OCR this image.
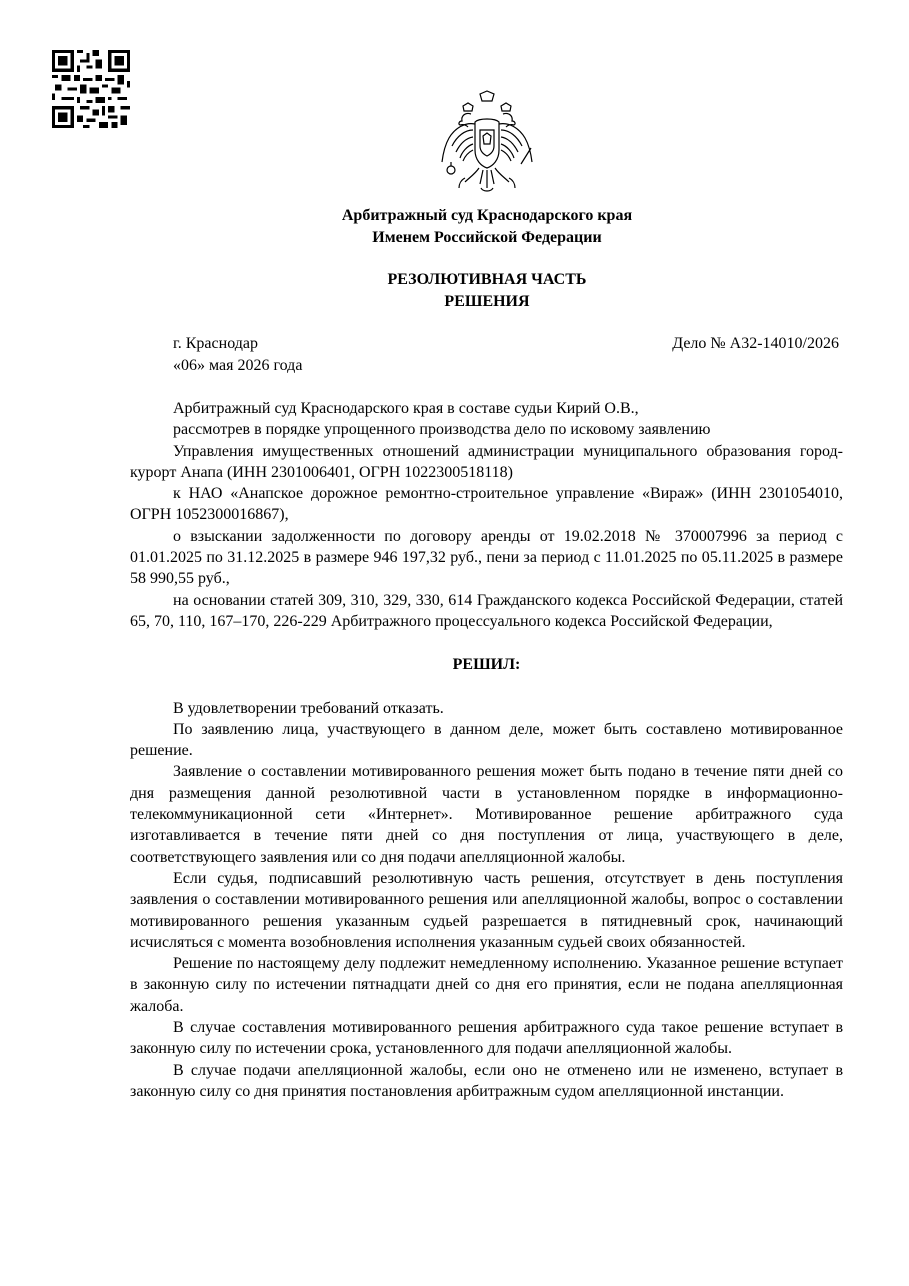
Арбитражный суд Краснодарского края
Именем Российской Федерации
РЕЗОЛЮТИВНАЯ ЧАСТЬ
РЕШЕНИЯ
г. Краснодар
«06» мая 2026 года
Дело № А32-14010/2026

Арбитражный суд Краснодарского края в составе судьи Кирий О.В.,

рассмотрев в порядке упрощенного производства дело по исковому заявлению

Управления имущественных отношений администрации муниципального образования город-курорт Анапа (ИНН 2301006401, ОГРН 1022300518118)

к НАО «Анапское дорожное ремонтно-строительное управление «Вираж» (ИНН 2301054010, ОГРН 1052300016867),

о взыскании задолженности по договору аренды от 19.02.2018 № 370007996 за период с 01.01.2025 по 31.12.2025 в размере 946 197,32 руб., пени за период с 11.01.2025 по 05.11.2025 в размере 58 990,55 руб.,

на основании статей 309, 310, 329, 330, 614 Гражданского кодекса Российской Федерации, статей 65, 70, 110, 167–170, 226-229 Арбитражного процессуального кодекса Российской Федерации,

РЕШИЛ:

В удовлетворении требований отказать.

По заявлению лица, участвующего в данном деле, может быть составлено мотивированное решение.

Заявление о составлении мотивированного решения может быть подано в течение пяти дней со дня размещения данной резолютивной части в установленном порядке в информационно-телекоммуникационной сети «Интернет». Мотивированное решение арбитражного суда изготавливается в течение пяти дней со дня поступления от лица, участвующего в деле, соответствующего заявления или со дня подачи апелляционной жалобы.

Если судья, подписавший резолютивную часть решения, отсутствует в день поступления заявления о составлении мотивированного решения или апелляционной жалобы, вопрос о составлении мотивированного решения указанным судьей разрешается в пятидневный срок, начинающий исчисляться с момента возобновления исполнения указанным судьей своих обязанностей.

Решение по настоящему делу подлежит немедленному исполнению. Указанное решение вступает в законную силу по истечении пятнадцати дней со дня его принятия, если не подана апелляционная жалоба.

В случае составления мотивированного решения арбитражного суда такое решение вступает в законную силу по истечении срока, установленного для подачи апелляционной жалобы.

В случае подачи апелляционной жалобы, если оно не отменено или не изменено, вступает в законную силу со дня принятия постановления арбитражным судом апелляционной инстанции.
